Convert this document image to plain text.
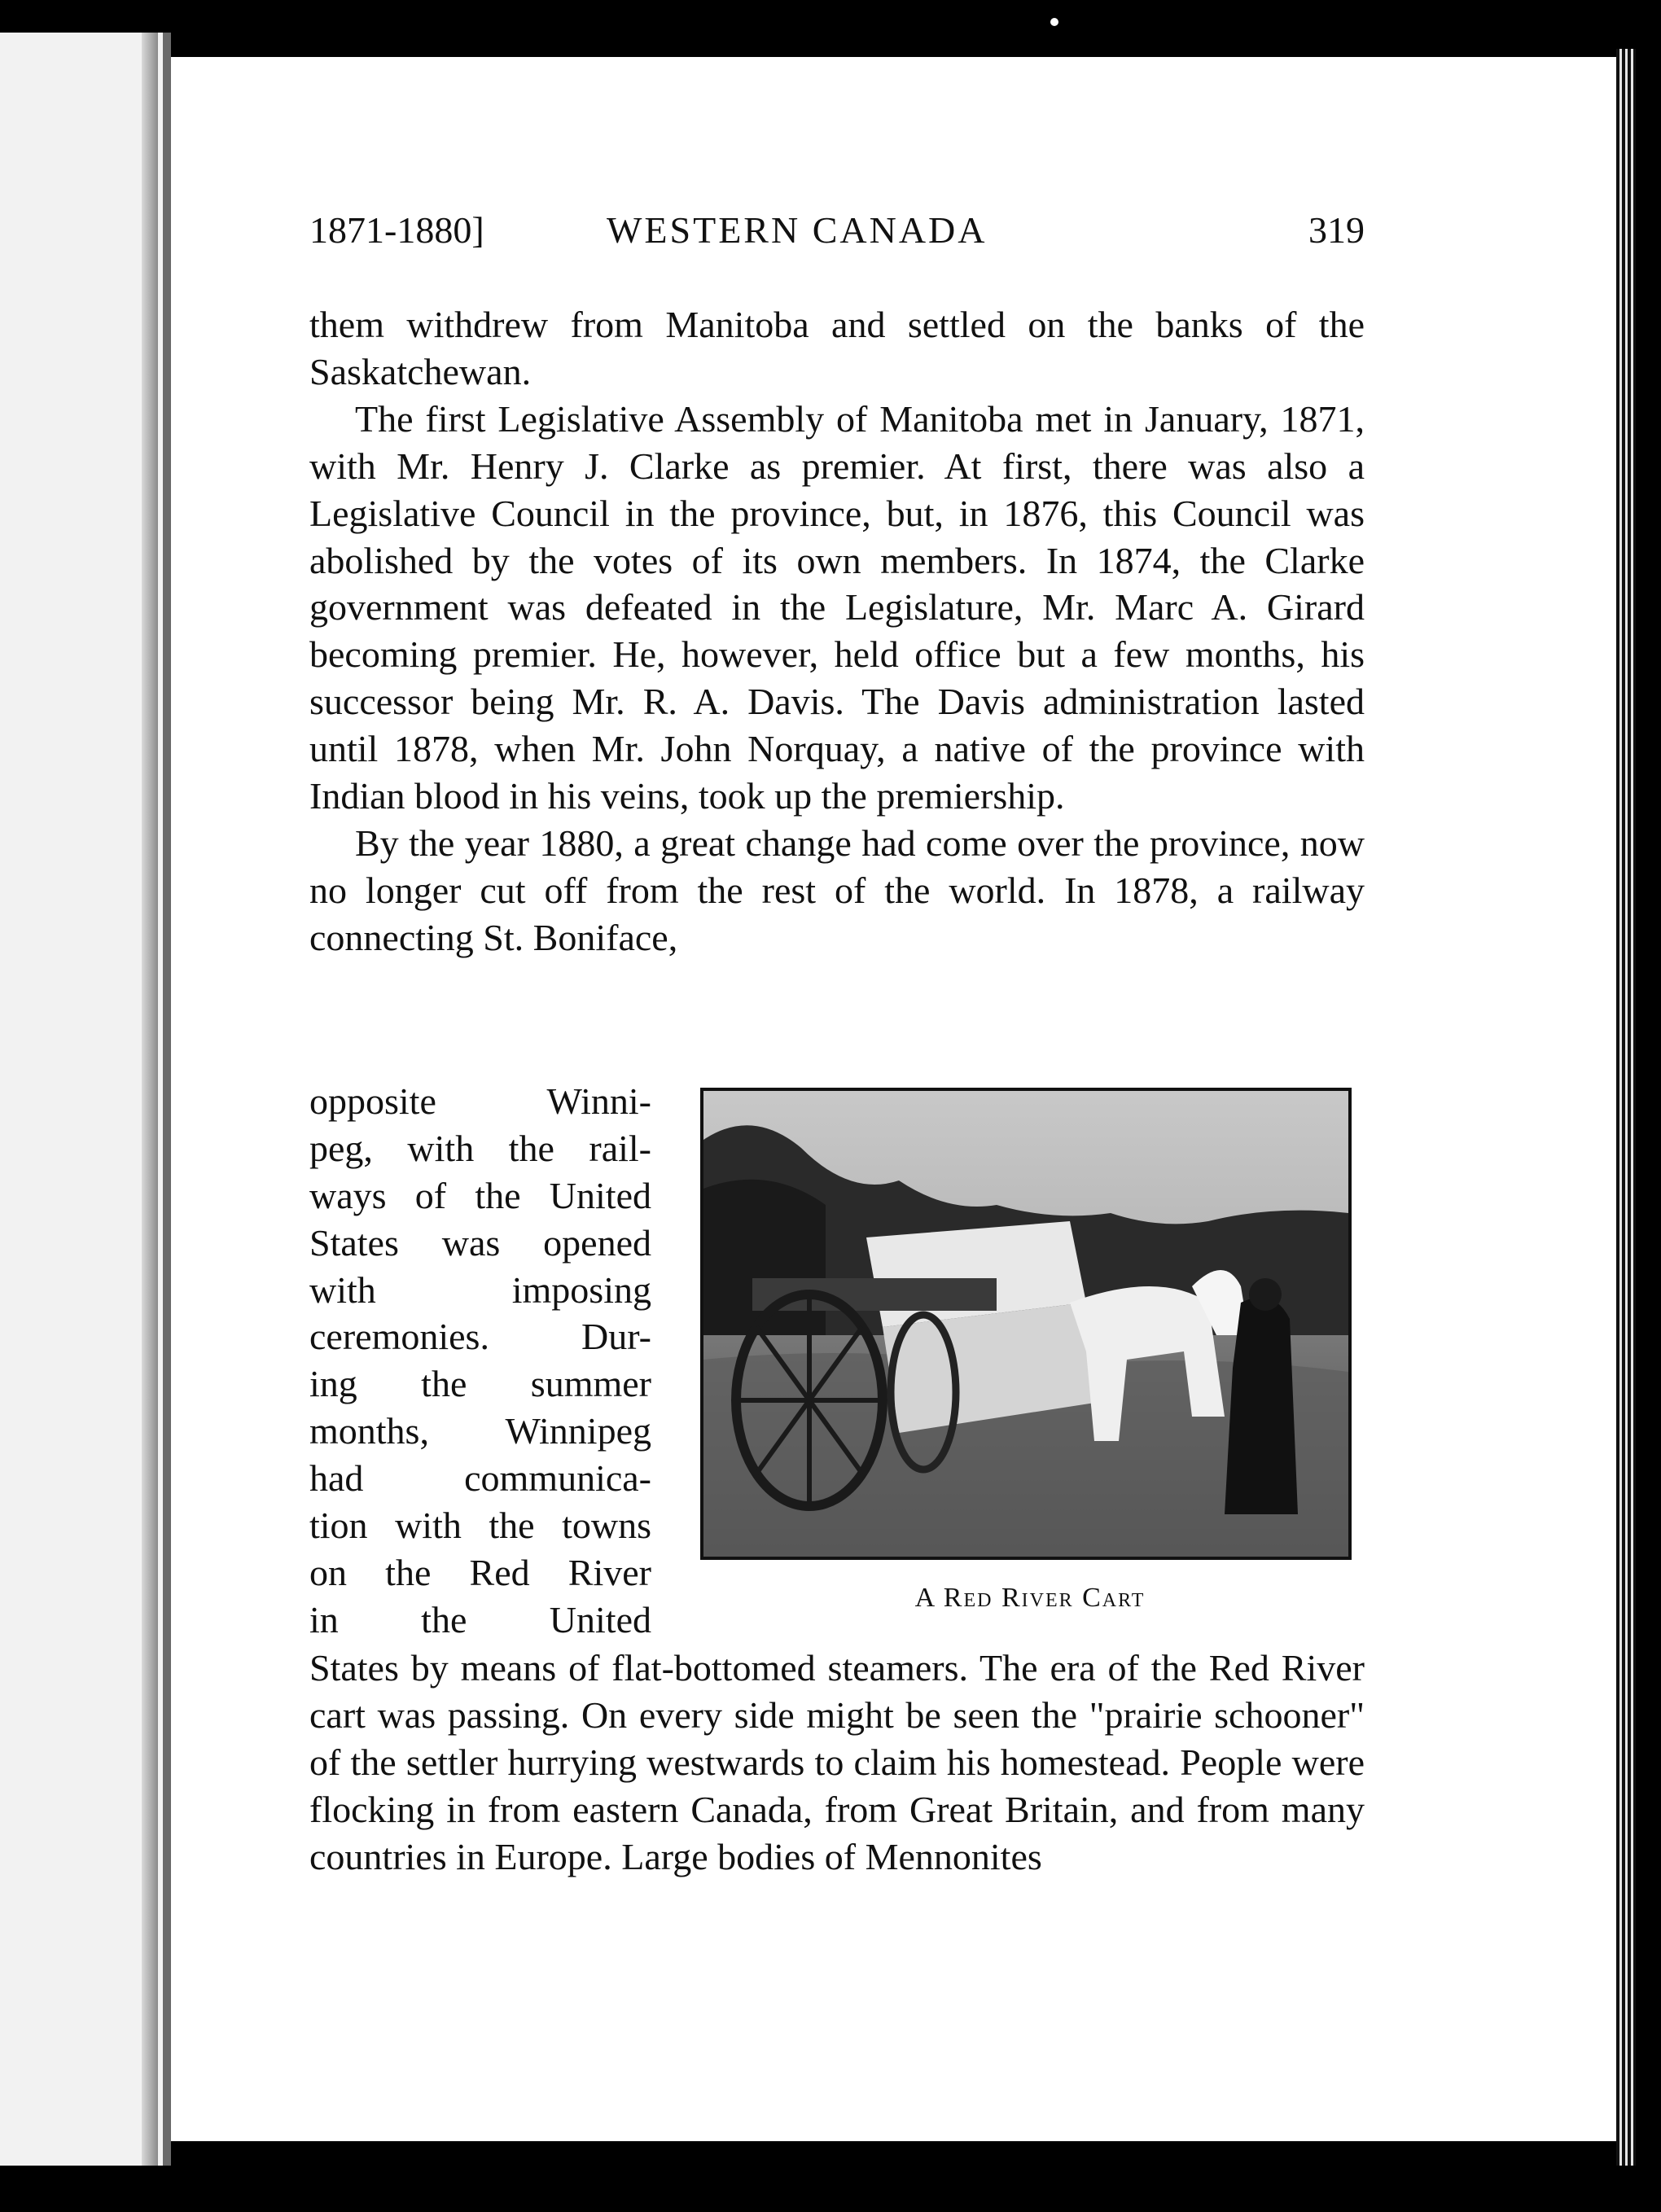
1871-1880]	WESTERN CANADA	319

them withdrew from Manitoba and settled on the banks of the Saskatchewan.

The first Legislative Assembly of Manitoba met in January, 1871, with Mr. Henry J. Clarke as premier. At first, there was also a Legislative Council in the province, but, in 1876, this Council was abolished by the votes of its own members. In 1874, the Clarke government was defeated in the Legislature, Mr. Marc A. Girard becoming premier. He, however, held office but a few months, his successor being Mr. R. A. Davis. The Davis administration lasted until 1878, when Mr. John Norquay, a native of the province with Indian blood in his veins, took up the premiership.

By the year 1880, a great change had come over the province, now no longer cut off from the rest of the world. In 1878, a railway connecting St. Boniface,

opposite Winni-
peg, with the rail-
ways of the United
States was opened
with imposing
ceremonies. Dur-
ing the summer
months, Winnipeg
had communica-
tion with the towns
on the Red River
in the United
A Red River Cart
States by means of flat-bottomed steamers. The era of the Red River cart was passing. On every side might be seen the "prairie schooner" of the settler hurrying westwards to claim his homestead. People were flocking in from eastern Canada, from Great Britain, and from many countries in Europe. Large bodies of Mennonites
